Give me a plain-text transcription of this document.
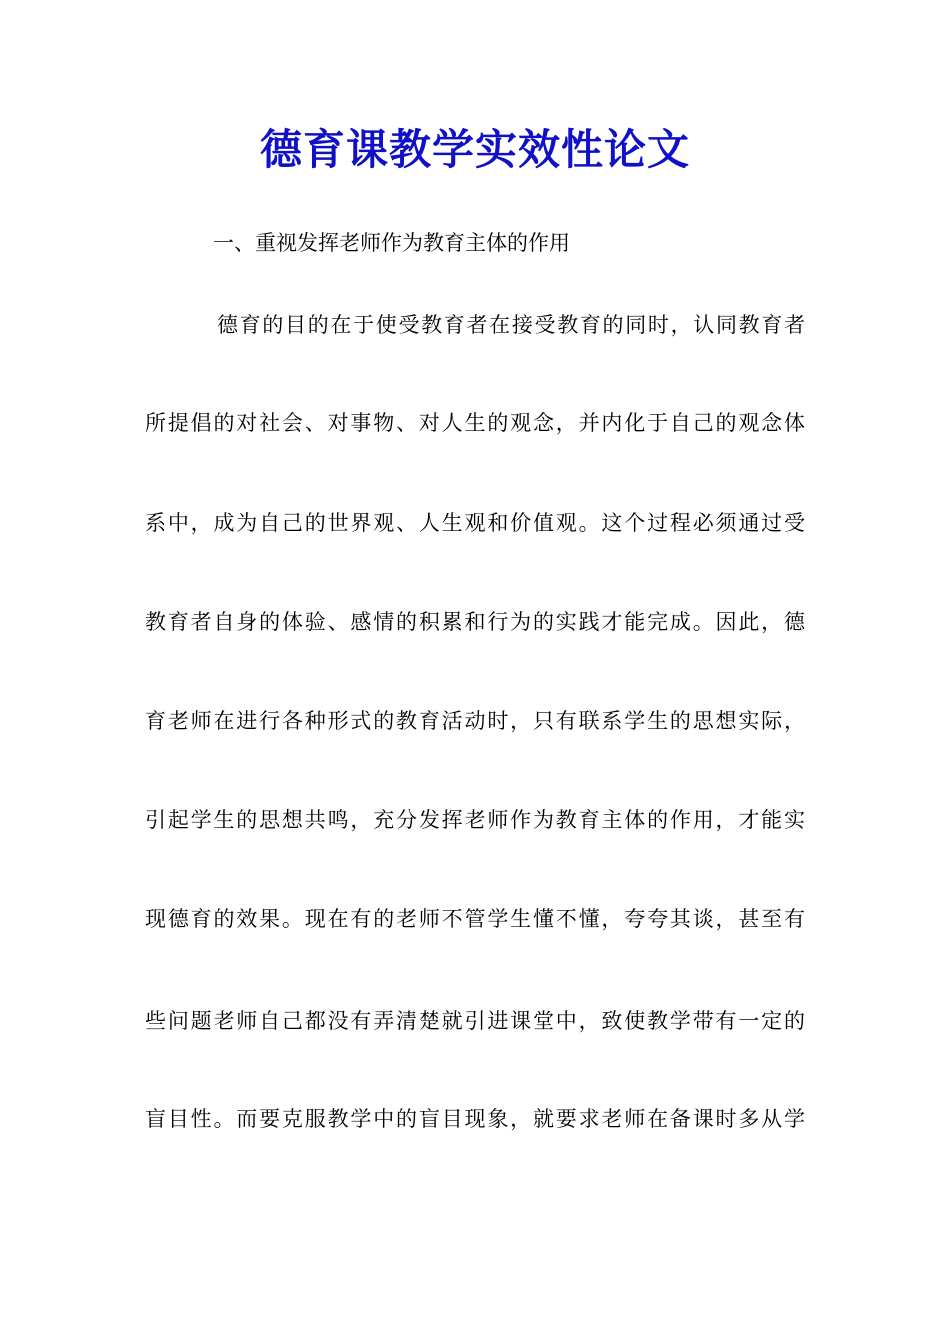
德育课教学实效性论文
一、重视发挥老师作为教育主体的作用
德育的目的在于使受教育者在接受教育的同时，认同教育者
所提倡的对社会、对事物、对人生的观念，并内化于自己的观念体
系中，成为自己的世界观、人生观和价值观。这个过程必须通过受
教育者自身的体验、感情的积累和行为的实践才能完成。因此，德
育老师在进行各种形式的教育活动时，只有联系学生的思想实际，
引起学生的思想共鸣，充分发挥老师作为教育主体的作用，才能实
现德育的效果。现在有的老师不管学生懂不懂，夸夸其谈，甚至有
些问题老师自己都没有弄清楚就引进课堂中，致使教学带有一定的
盲目性。而要克服教学中的盲目现象，就要求老师在备课时多从学
